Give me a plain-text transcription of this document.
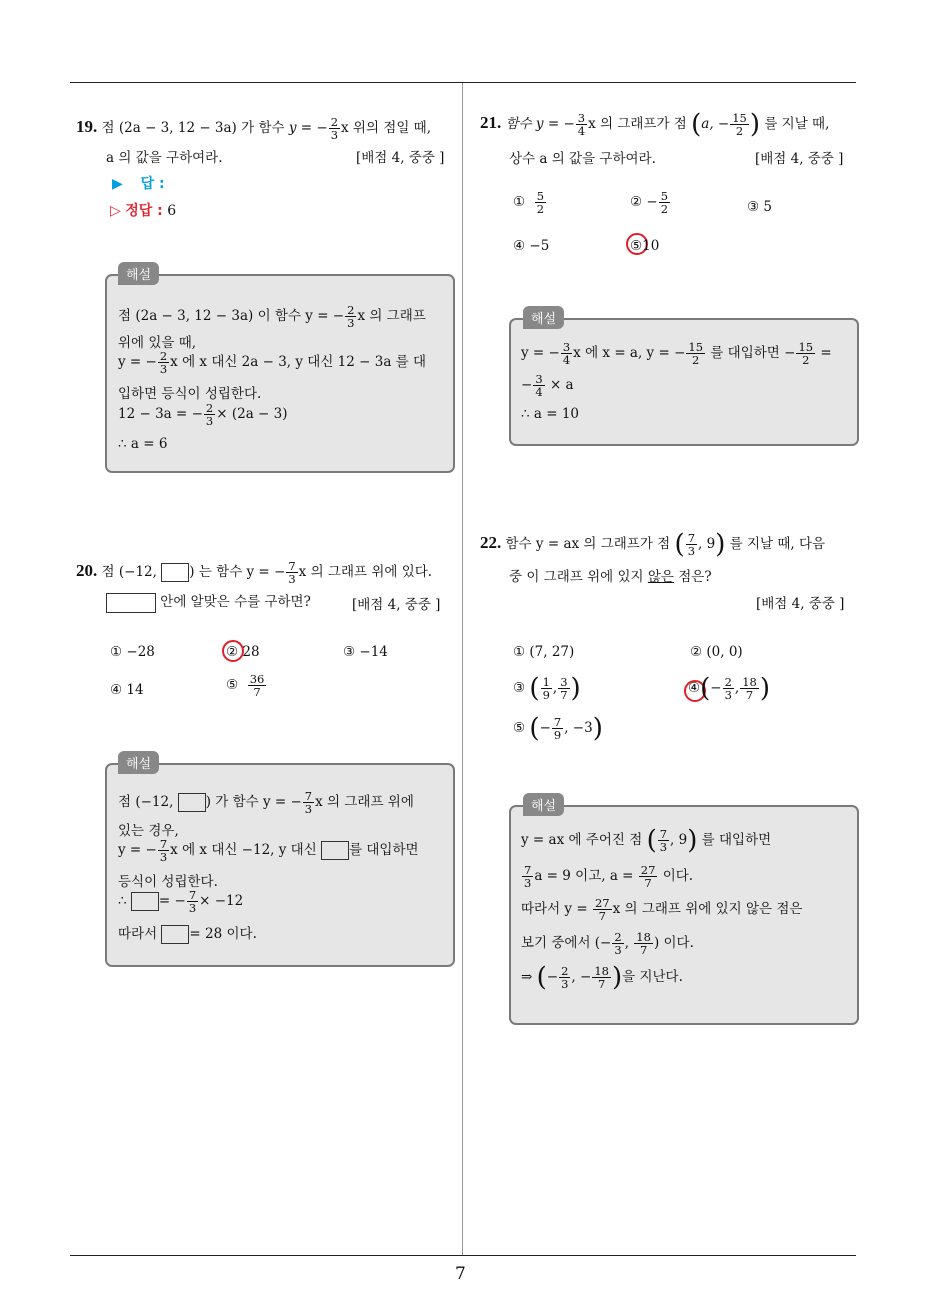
7
19. 점 (2a − 3, 12 − 3a) 가 함수 y = − $\frac{2}{3}$ x 위의 점일 때,
a 의 값을 구하여라.	[배점 4, 중중 ]
▶ 답 :
▷ 정답 : 6
해설
점 (2a − 3, 12 − 3a) 이 함수 y = − $\frac{2}{3}$ x 의 그래프
위에 있을 때,
y = − $\frac{2}{3}$ x 에 x 대신 2a − 3, y 대신 12 − 3a 를 대
입하면 등식이 성립한다.
12 − 3a = − $\frac{2}{3} \times (2a - 3)$
∴ a = 6
20. 점 (−12, ) 는 함수 y = − $\frac{7}{3}$ x 의 그래프 위에 있다.
안에 알맞은 수를 구하면?	[배점 4, 중중 ]
① −28	② 28	③ −14
④ 14	⑤ $\frac{36}{7}$
해설
점 (−12, ) 가 함수 y = − $\frac{7}{3}$ x 의 그래프 위에
있는 경우,
y = − $\frac{7}{3}$ x 에 x 대신 −12, y 대신 를 대입하면
등식이 성립한다.
∴ = − $\frac{7}{3} \times -12$
따라서 = 28 이다.
21. 함수 y = − $\frac{3}{4}$ x 의 그래프가 점 (a, − $\frac{15}{2}$ ) 를 지날 때,
상수 a 의 값을 구하여라.	[배점 4, 중중 ]
① $\frac{5}{2}$	② − $\frac{5}{2}$	③ 5
④ −5	⑤10
해설
y = − $\frac{3}{4}$ x 에 x = a, y = − $\frac{15}{2}$ 를 대입하면 − $\frac{15}{2}$ =
− $\frac{3}{4} \times a$
∴ a = 10
22. 함수 y = ax 의 그래프가 점 ( $\frac{7}{3}$ , 9) 를 지날 때, 다음
중 이 그래프 위에 있지 않은 점은?
[배점 4, 중중 ]
① (7, 27)	② (0, 0)
③ ( $\frac{1}{9}$ , $\frac{3}{7}$ )	④(− $\frac{2}{3}$ , $\frac{18}{7}$ )
⑤ (− $\frac{7}{9}$ , −3)
해설
y = ax 에 주어진 점 ( $\frac{7}{3}$ , 9) 를 대입하면
$\frac{7}{3}$ a = 9 이고, $a = \frac{27}{7}$ 이다.
따라서 $y = \frac{27}{7}$ x 의 그래프 위에 있지 않은 점은
보기 중에서 (− $\frac{2}{3}$ , $\frac{18}{7}$ ) 이다.
⇒ (− $\frac{2}{3}$ , − $\frac{18}{7}$ )을 지난다.
